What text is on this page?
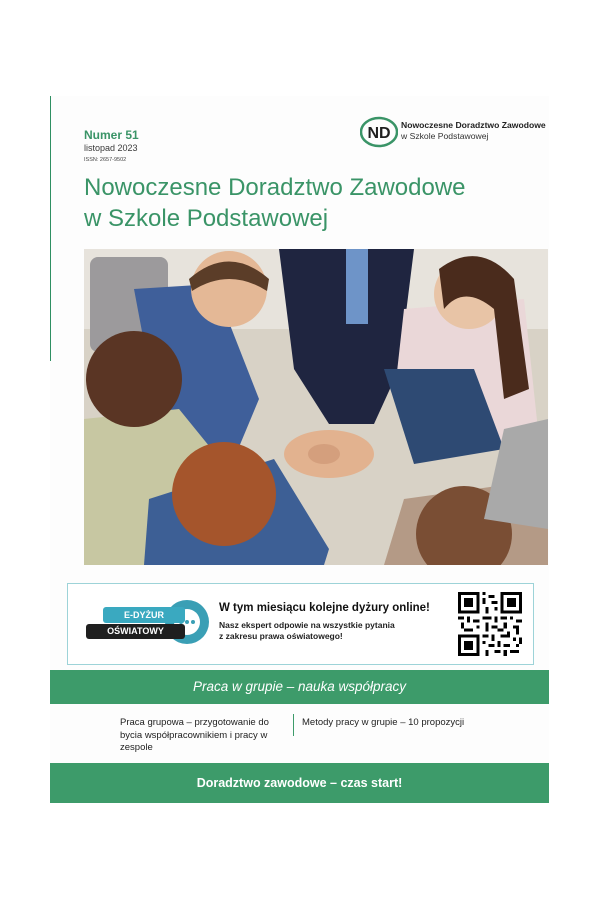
Numer 51
listopad 2023
ISSN: 2657-9502
ND Nowoczesne Doradztwo Zawodowe
w Szkole Podstawowej
Nowoczesne Doradztwo Zawodowe
w Szkole Podstawowej
E-DYŻUR
OŚWIATOWY
W tym miesiącu kolejne dyżury online!
Nasz ekspert odpowie na wszystkie pytania
z zakresu prawa oświatowego!
Praca w grupie – nauka współpracy
Praca grupowa – przygotowanie do bycia współpracownikiem i pracy w zespole
Metody pracy w grupie – 10 propozycji
Doradztwo zawodowe – czas start!
